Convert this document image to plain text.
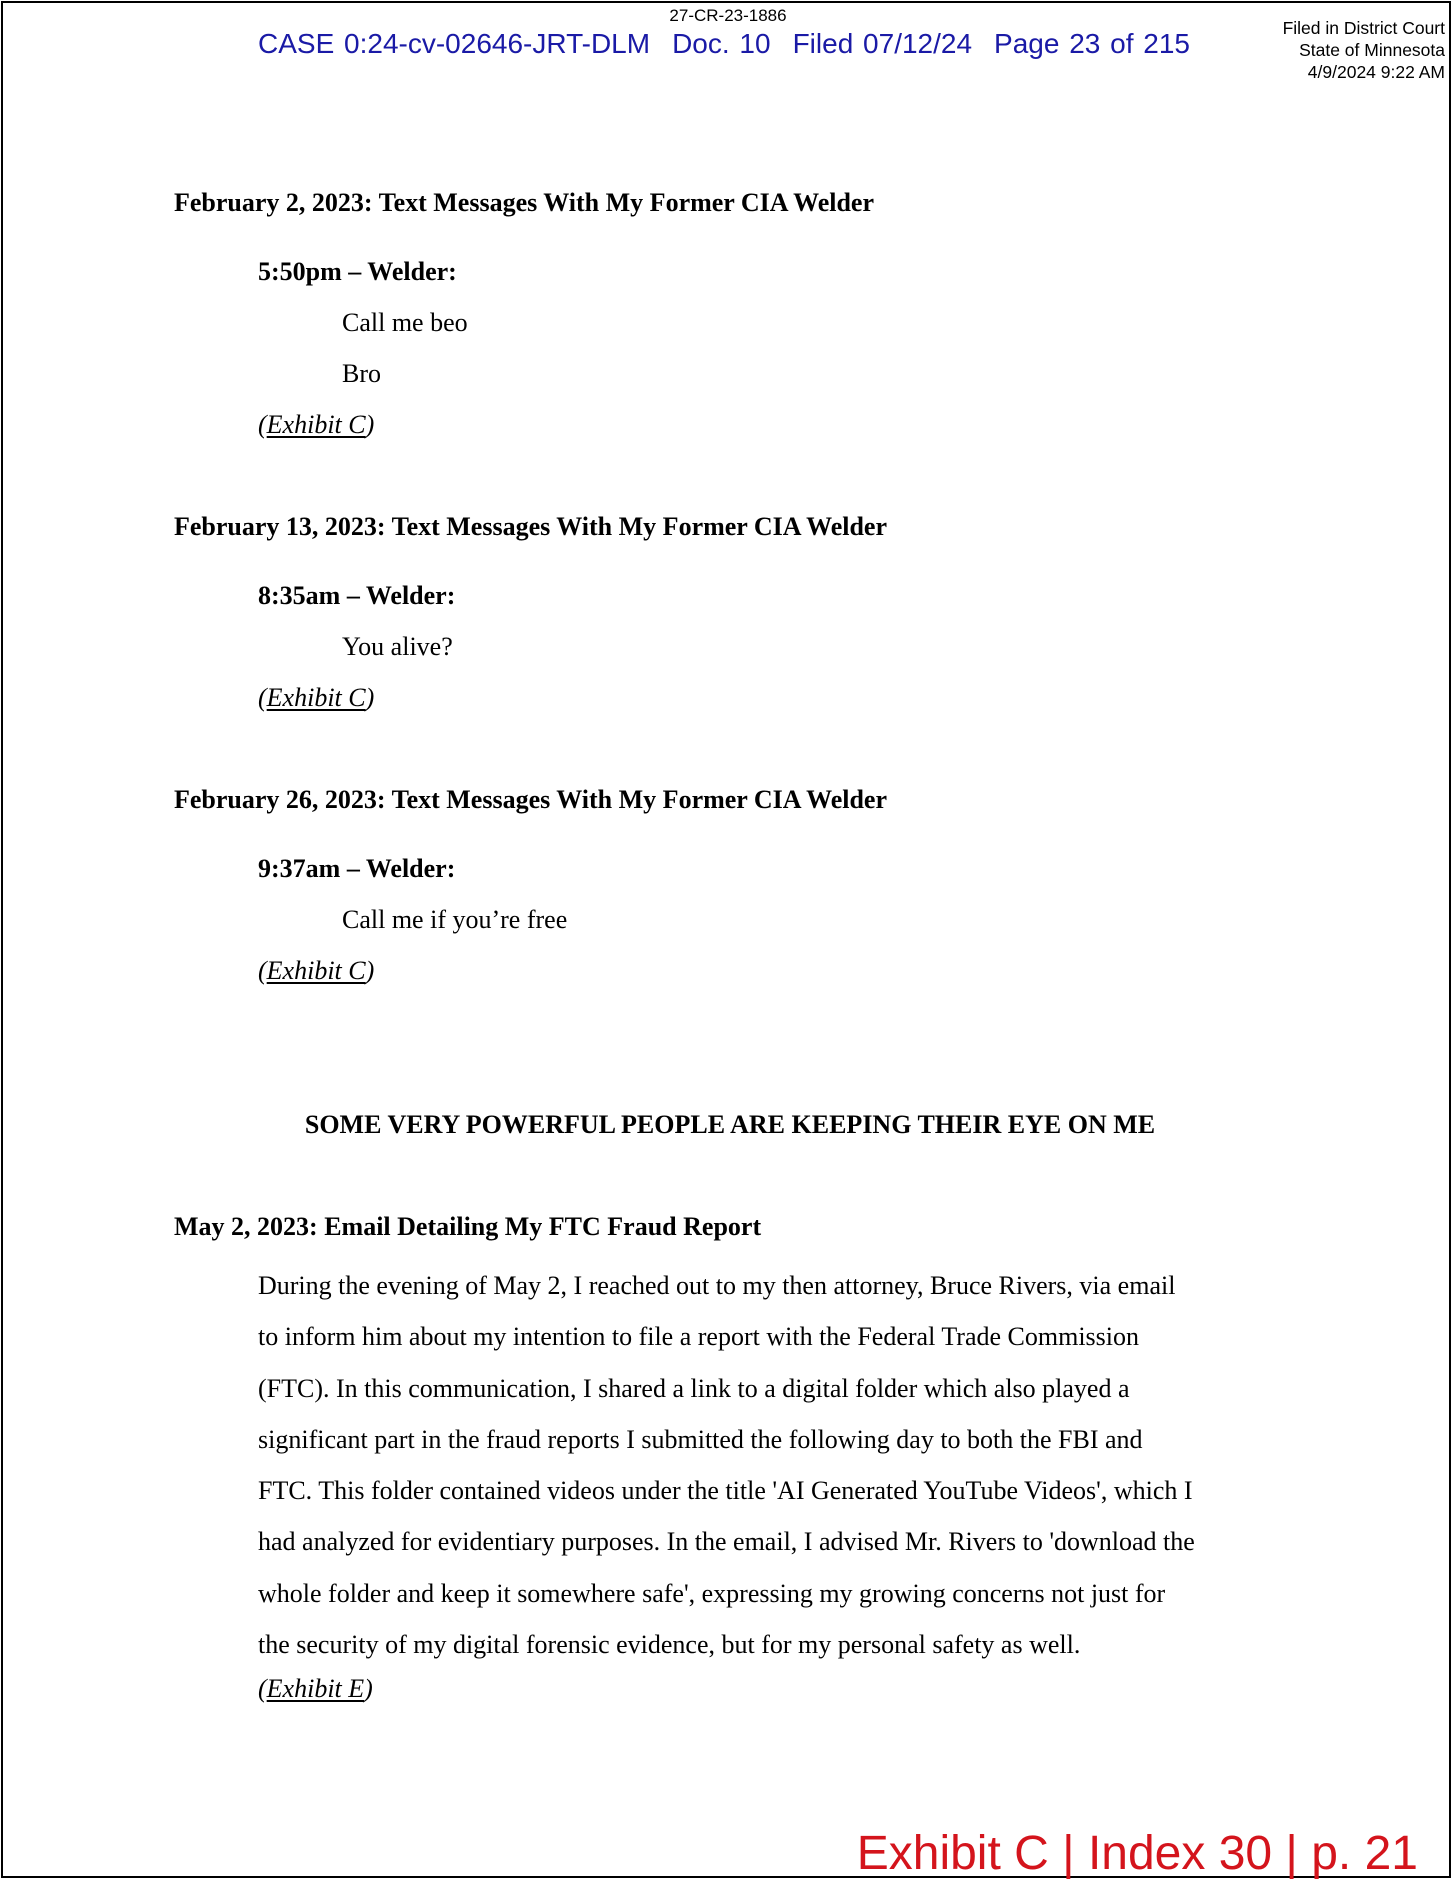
27-CR-23-1886
CASE 0:24-cv-02646-JRT-DLM Doc. 10 Filed 07/12/24 Page 23 of 215	Filed in District Court
State of Minnesota
4/9/2024 9:22 AM
February 2, 2023: Text Messages With My Former CIA Welder
5:50pm – Welder:
Call me beo
Bro
(Exhibit C)
February 13, 2023: Text Messages With My Former CIA Welder
8:35am – Welder:
You alive?
(Exhibit C)
February 26, 2023: Text Messages With My Former CIA Welder
9:37am – Welder:
Call me if you’re free
(Exhibit C)
SOME VERY POWERFUL PEOPLE ARE KEEPING THEIR EYE ON ME
May 2, 2023: Email Detailing My FTC Fraud Report
During the evening of May 2, I reached out to my then attorney, Bruce Rivers, via email
to inform him about my intention to file a report with the Federal Trade Commission
(FTC). In this communication, I shared a link to a digital folder which also played a
significant part in the fraud reports I submitted the following day to both the FBI and
FTC. This folder contained videos under the title 'AI Generated YouTube Videos', which I
had analyzed for evidentiary purposes. In the email, I advised Mr. Rivers to 'download the
whole folder and keep it somewhere safe', expressing my growing concerns not just for
the security of my digital forensic evidence, but for my personal safety as well.
(Exhibit E)
Exhibit C | Index 30 | p. 21
